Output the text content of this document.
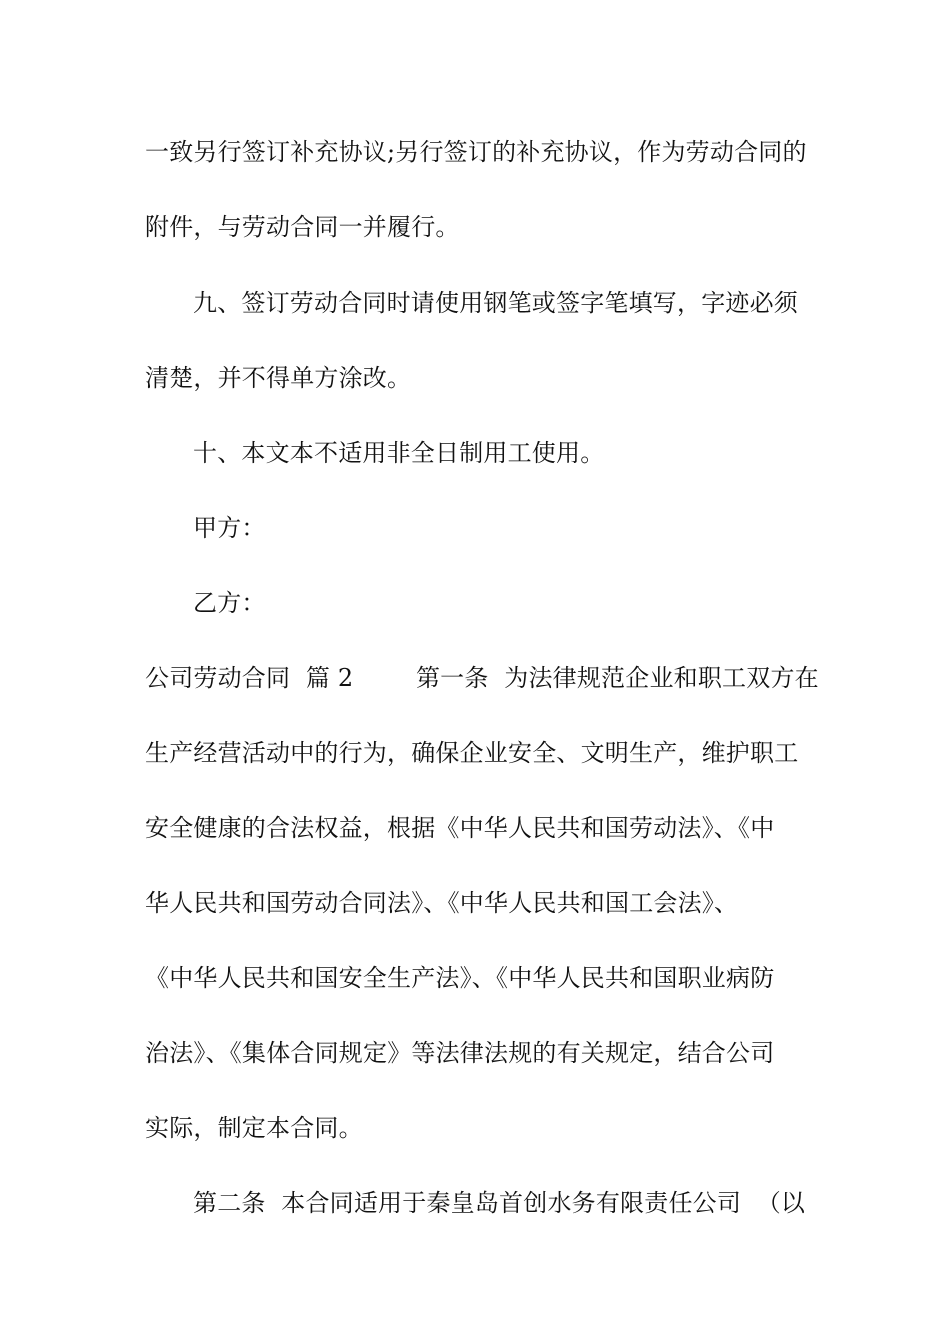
一致另行签订补充协议;另行签订的补充协议，作为劳动合同的
附件，与劳动合同一并履行。
九、签订劳动合同时请使用钢笔或签字笔填写，字迹必须
清楚，并不得单方涂改。
十、本文本不适用非全日制用工使用。
甲方：
乙方：
公司劳动合同  篇 2        第一条  为法律规范企业和职工双方在
生产经营活动中的行为，确保企业安全、文明生产，维护职工
安全健康的合法权益，根据《中华人民共和国劳动法》、《中
华人民共和国劳动合同法》、《中华人民共和国工会法》、
《中华人民共和国安全生产法》、《中华人民共和国职业病防
治法》、《集体合同规定》等法律法规的有关规定，结合公司
实际，制定本合同。
第二条  本合同适用于秦皇岛首创水务有限责任公司  （以
